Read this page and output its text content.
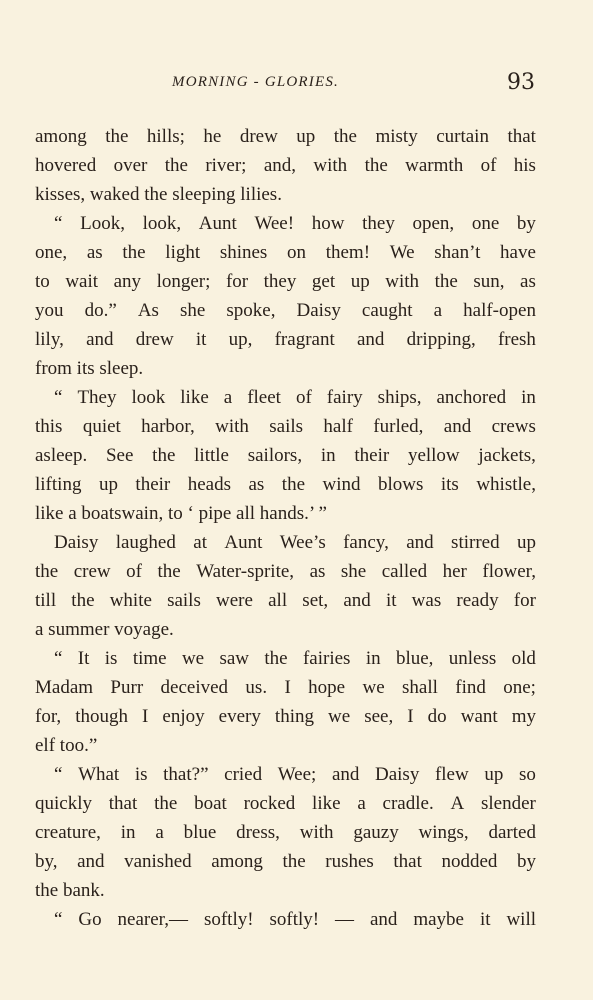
MORNING - GLORIES.	93
among the hills; he drew up the misty curtain that
hovered over the river; and, with the warmth of his
kisses, waked the sleeping lilies.
“ Look, look, Aunt Wee! how they open, one by
one, as the light shines on them! We shan’t have
to wait any longer; for they get up with the sun, as
you do.” As she spoke, Daisy caught a half-open
lily, and drew it up, fragrant and dripping, fresh
from its sleep.
“ They look like a fleet of fairy ships, anchored in
this quiet harbor, with sails half furled, and crews
asleep. See the little sailors, in their yellow jackets,
lifting up their heads as the wind blows its whistle,
like a boatswain, to ‘ pipe all hands.’ ”
Daisy laughed at Aunt Wee’s fancy, and stirred up
the crew of the Water-sprite, as she called her flower,
till the white sails were all set, and it was ready for
a summer voyage.
“ It is time we saw the fairies in blue, unless old
Madam Purr deceived us. I hope we shall find one;
for, though I enjoy every thing we see, I do want my
elf too.”
“ What is that?” cried Wee; and Daisy flew up so
quickly that the boat rocked like a cradle. A slender
creature, in a blue dress, with gauzy wings, darted
by, and vanished among the rushes that nodded by
the bank.
“ Go nearer,— softly! softly! — and maybe it will
